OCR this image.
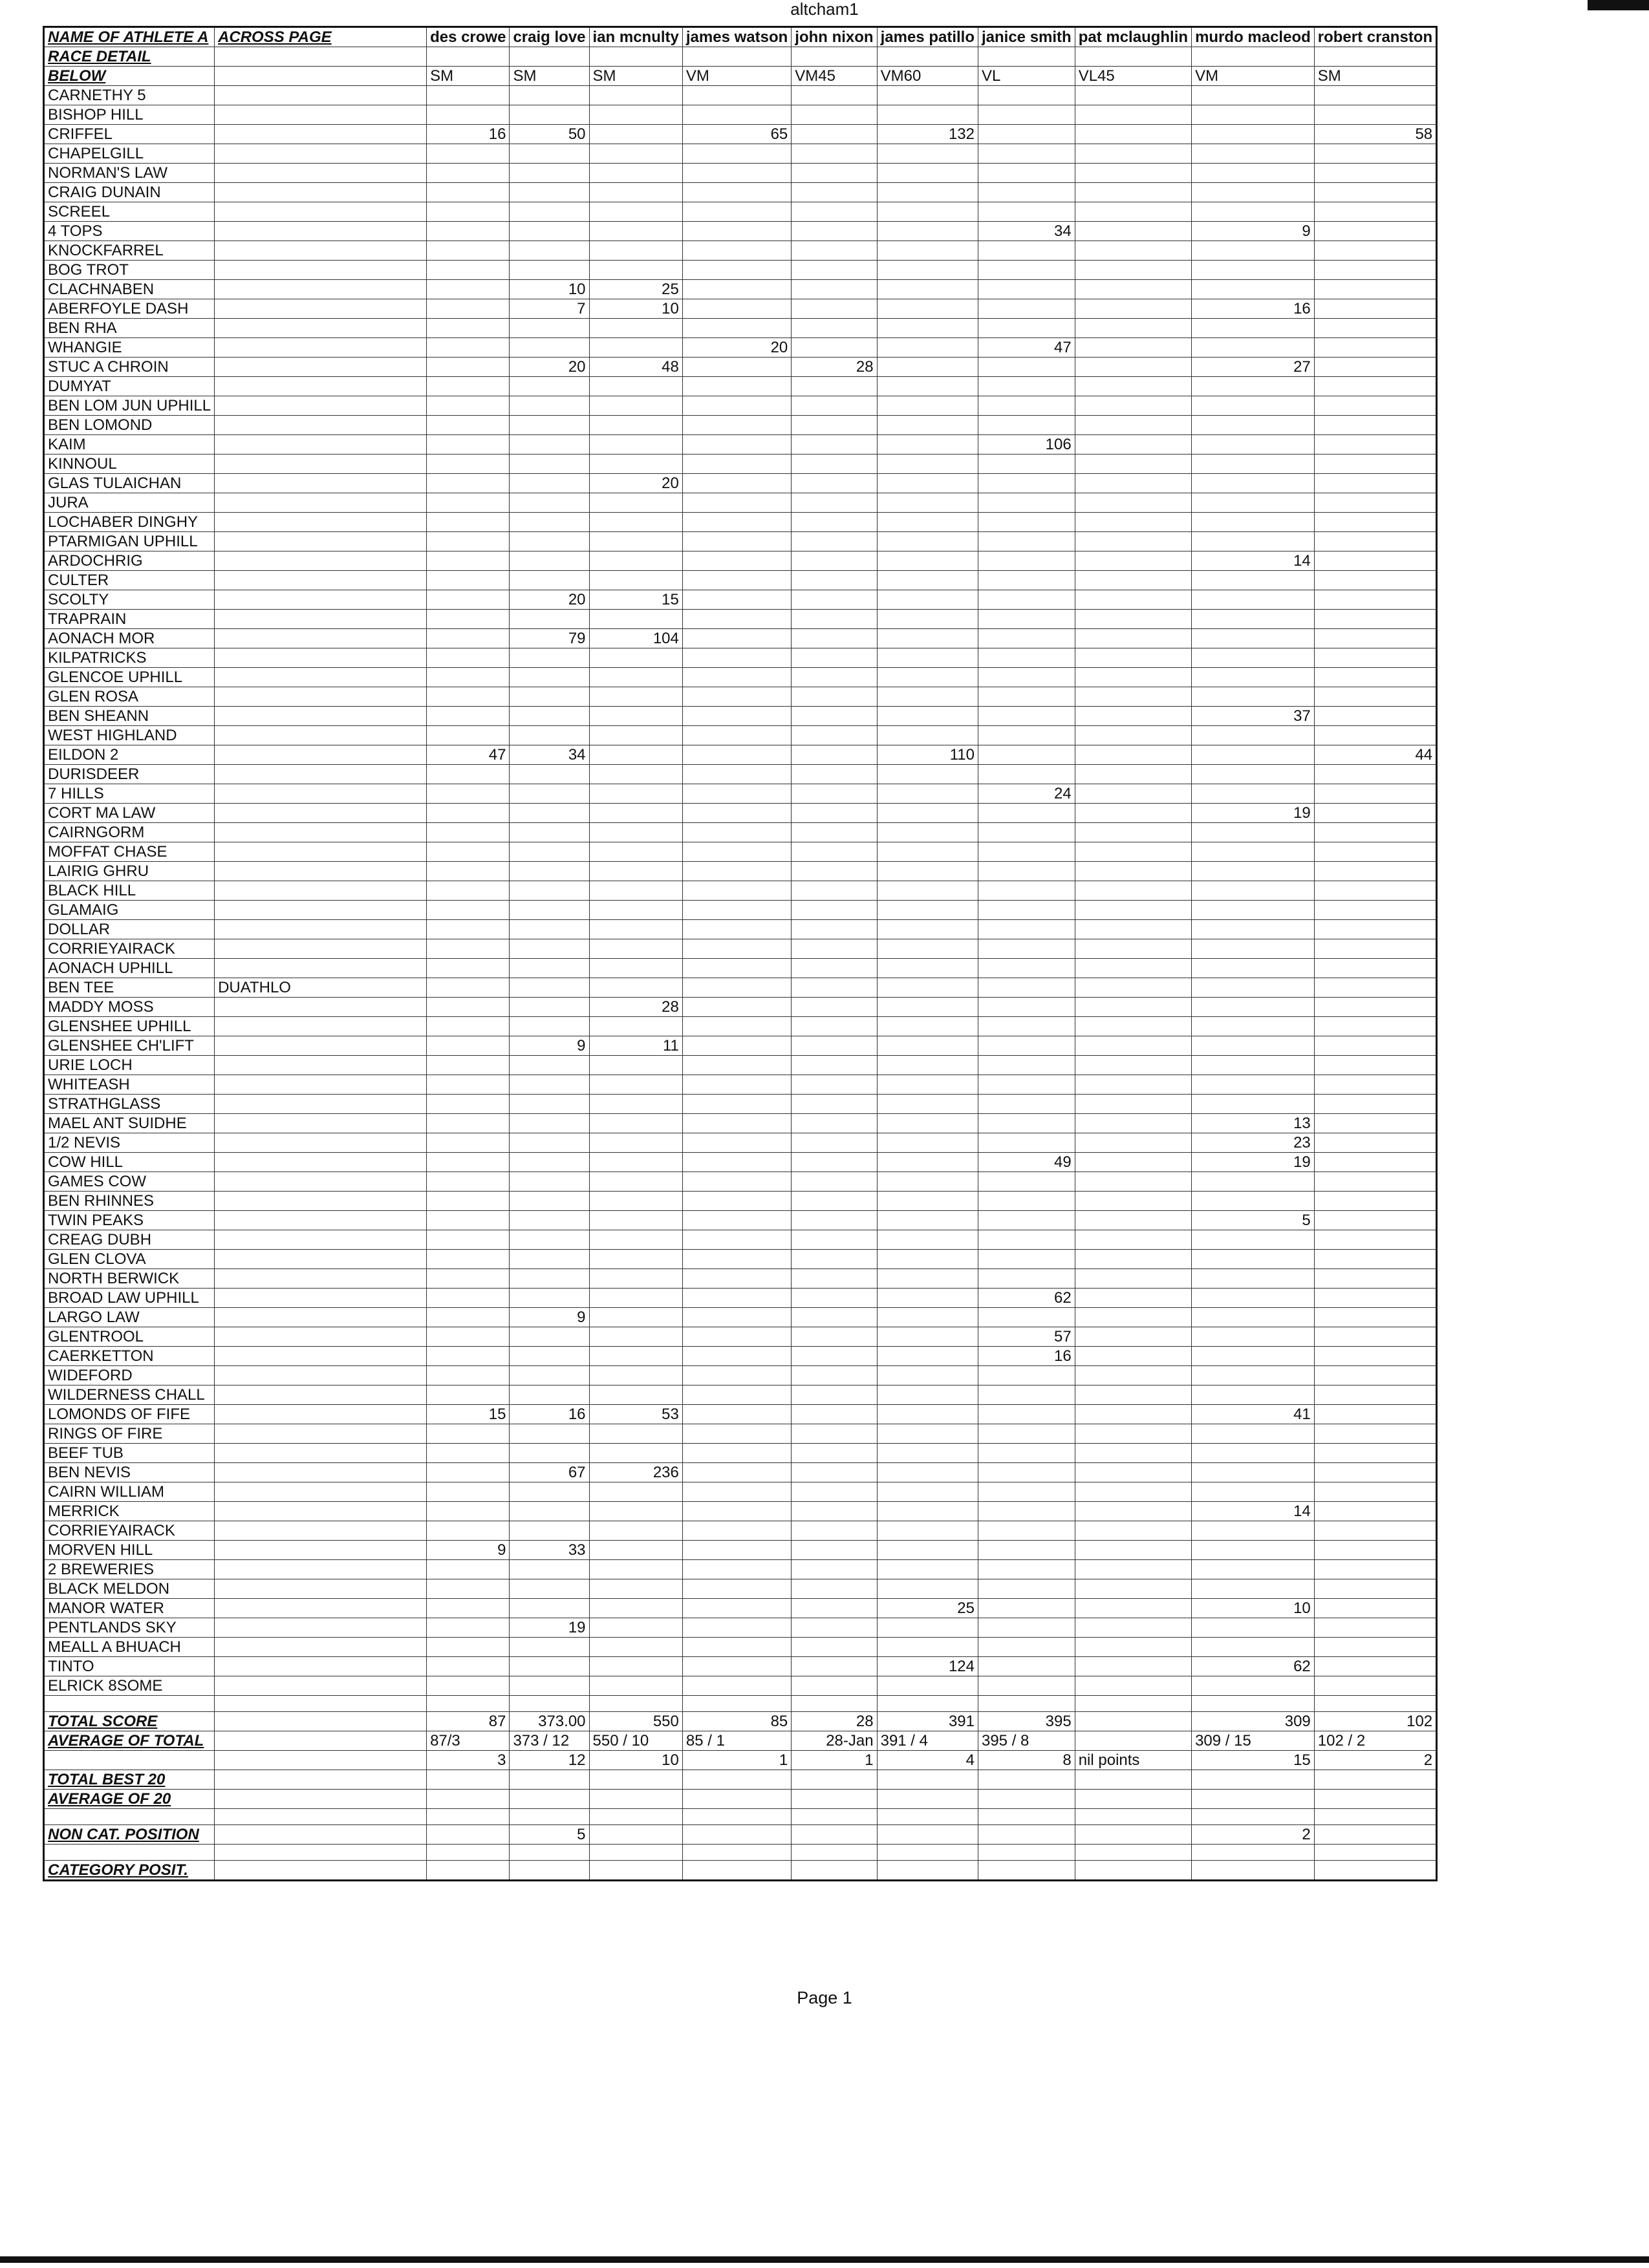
altcham1
NAME OF ATHLETE A	ACROSS PAGE	des crowe	craig love	ian mcnulty	james watson	john nixon	james patillo	janice smith	pat mclaughlin	murdo macleod	robert cranston
RACE DETAIL											
BELOW		SM	SM	SM	VM	VM45	VM60	VL	VL45	VM	SM
CARNETHY 5											
BISHOP HILL											
CRIFFEL		16	50		65		132				58
CHAPELGILL											
NORMAN'S LAW											
CRAIG DUNAIN											
SCREEL											
4 TOPS								34		9	
KNOCKFARREL											
BOG TROT											
CLACHNABEN			10	25							
ABERFOYLE DASH			7	10						16	
BEN RHA											
WHANGIE					20			47			
STUC A CHROIN			20	48		28				27	
DUMYAT											
BEN LOM JUN UPHILL											
BEN LOMOND											
KAIM								106			
KINNOUL											
GLAS TULAICHAN				20							
JURA											
LOCHABER DINGHY											
PTARMIGAN UPHILL											
ARDOCHRIG										14	
CULTER											
SCOLTY			20	15							
TRAPRAIN											
AONACH MOR			79	104							
KILPATRICKS											
GLENCOE UPHILL											
GLEN ROSA											
BEN SHEANN										37	
WEST HIGHLAND											
EILDON 2		47	34				110				44
DURISDEER											
7 HILLS								24			
CORT MA LAW										19	
CAIRNGORM											
MOFFAT CHASE											
LAIRIG GHRU											
BLACK HILL											
GLAMAIG											
DOLLAR											
CORRIEYAIRACK											
AONACH UPHILL											
BEN TEE	DUATHLO										
MADDY MOSS				28							
GLENSHEE UPHILL											
GLENSHEE CH'LIFT			9	11							
URIE LOCH											
WHITEASH											
STRATHGLASS											
MAEL ANT SUIDHE										13	
1/2 NEVIS										23	
COW HILL								49		19	
GAMES COW											
BEN RHINNES											
TWIN PEAKS										5	
CREAG DUBH											
GLEN CLOVA											
NORTH BERWICK											
BROAD LAW UPHILL								62			
LARGO LAW			9								
GLENTROOL								57			
CAERKETTON								16			
WIDEFORD											
WILDERNESS CHALL											
LOMONDS OF FIFE		15	16	53						41	
RINGS OF FIRE											
BEEF TUB											
BEN NEVIS			67	236							
CAIRN WILLIAM											
MERRICK										14	
CORRIEYAIRACK											
MORVEN HILL		9	33								
2 BREWERIES											
BLACK MELDON											
MANOR WATER							25			10	
PENTLANDS SKY			19								
MEALL A BHUACH											
TINTO							124			62	
ELRICK 8SOME											

TOTAL SCORE		87	373.00	550	85	28	391	395		309	102
AVERAGE OF TOTAL		87/3	373 / 12	550 / 10	85 / 1	28-Jan	391 / 4	395 / 8		309 / 15	102 / 2
		3	12	10	1	1	4	8	nil points	15	2
TOTAL BEST 20											
AVERAGE OF 20											

NON CAT. POSITION			5							2	

CATEGORY POSIT.											
Page 1
